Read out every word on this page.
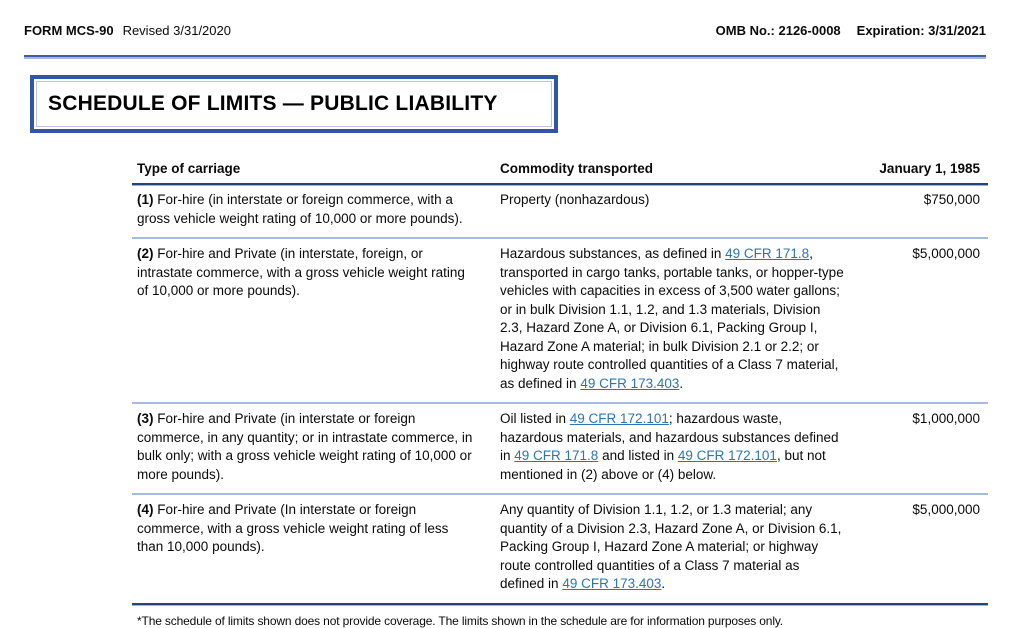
FORM MCS-90 Revised 3/31/2020	OMB No.: 2126-0008 Expiration: 3/31/2021
SCHEDULE OF LIMITS — PUBLIC LIABILITY
Type of carriage	Commodity transported	January 1, 1985
(1) For-hire (in interstate or foreign commerce, with a gross vehicle weight rating of 10,000 or more pounds).	Property (nonhazardous)	$750,000
(2) For-hire and Private (in interstate, foreign, or intrastate commerce, with a gross vehicle weight rating of 10,000 or more pounds).	Hazardous substances, as defined in 49 CFR 171.8, transported in cargo tanks, portable tanks, or hopper-type vehicles with capacities in excess of 3,500 water gallons; or in bulk Division 1.1, 1.2, and 1.3 materials, Division 2.3, Hazard Zone A, or Division 6.1, Packing Group I, Hazard Zone A material; in bulk Division 2.1 or 2.2; or highway route controlled quantities of a Class 7 material, as defined in 49 CFR 173.403.	$5,000,000
(3) For-hire and Private (in interstate or foreign commerce, in any quantity; or in intrastate commerce, in bulk only; with a gross vehicle weight rating of 10,000 or more pounds).	Oil listed in 49 CFR 172.101; hazardous waste, hazardous materials, and hazardous substances defined in 49 CFR 171.8 and listed in 49 CFR 172.101, but not mentioned in (2) above or (4) below.	$1,000,000
(4) For-hire and Private (In interstate or foreign commerce, with a gross vehicle weight rating of less than 10,000 pounds).	Any quantity of Division 1.1, 1.2, or 1.3 material; any quantity of a Division 2.3, Hazard Zone A, or Division 6.1, Packing Group I, Hazard Zone A material; or highway route controlled quantities of a Class 7 material as defined in 49 CFR 173.403.	$5,000,000

*The schedule of limits shown does not provide coverage. The limits shown in the schedule are for information purposes only.
